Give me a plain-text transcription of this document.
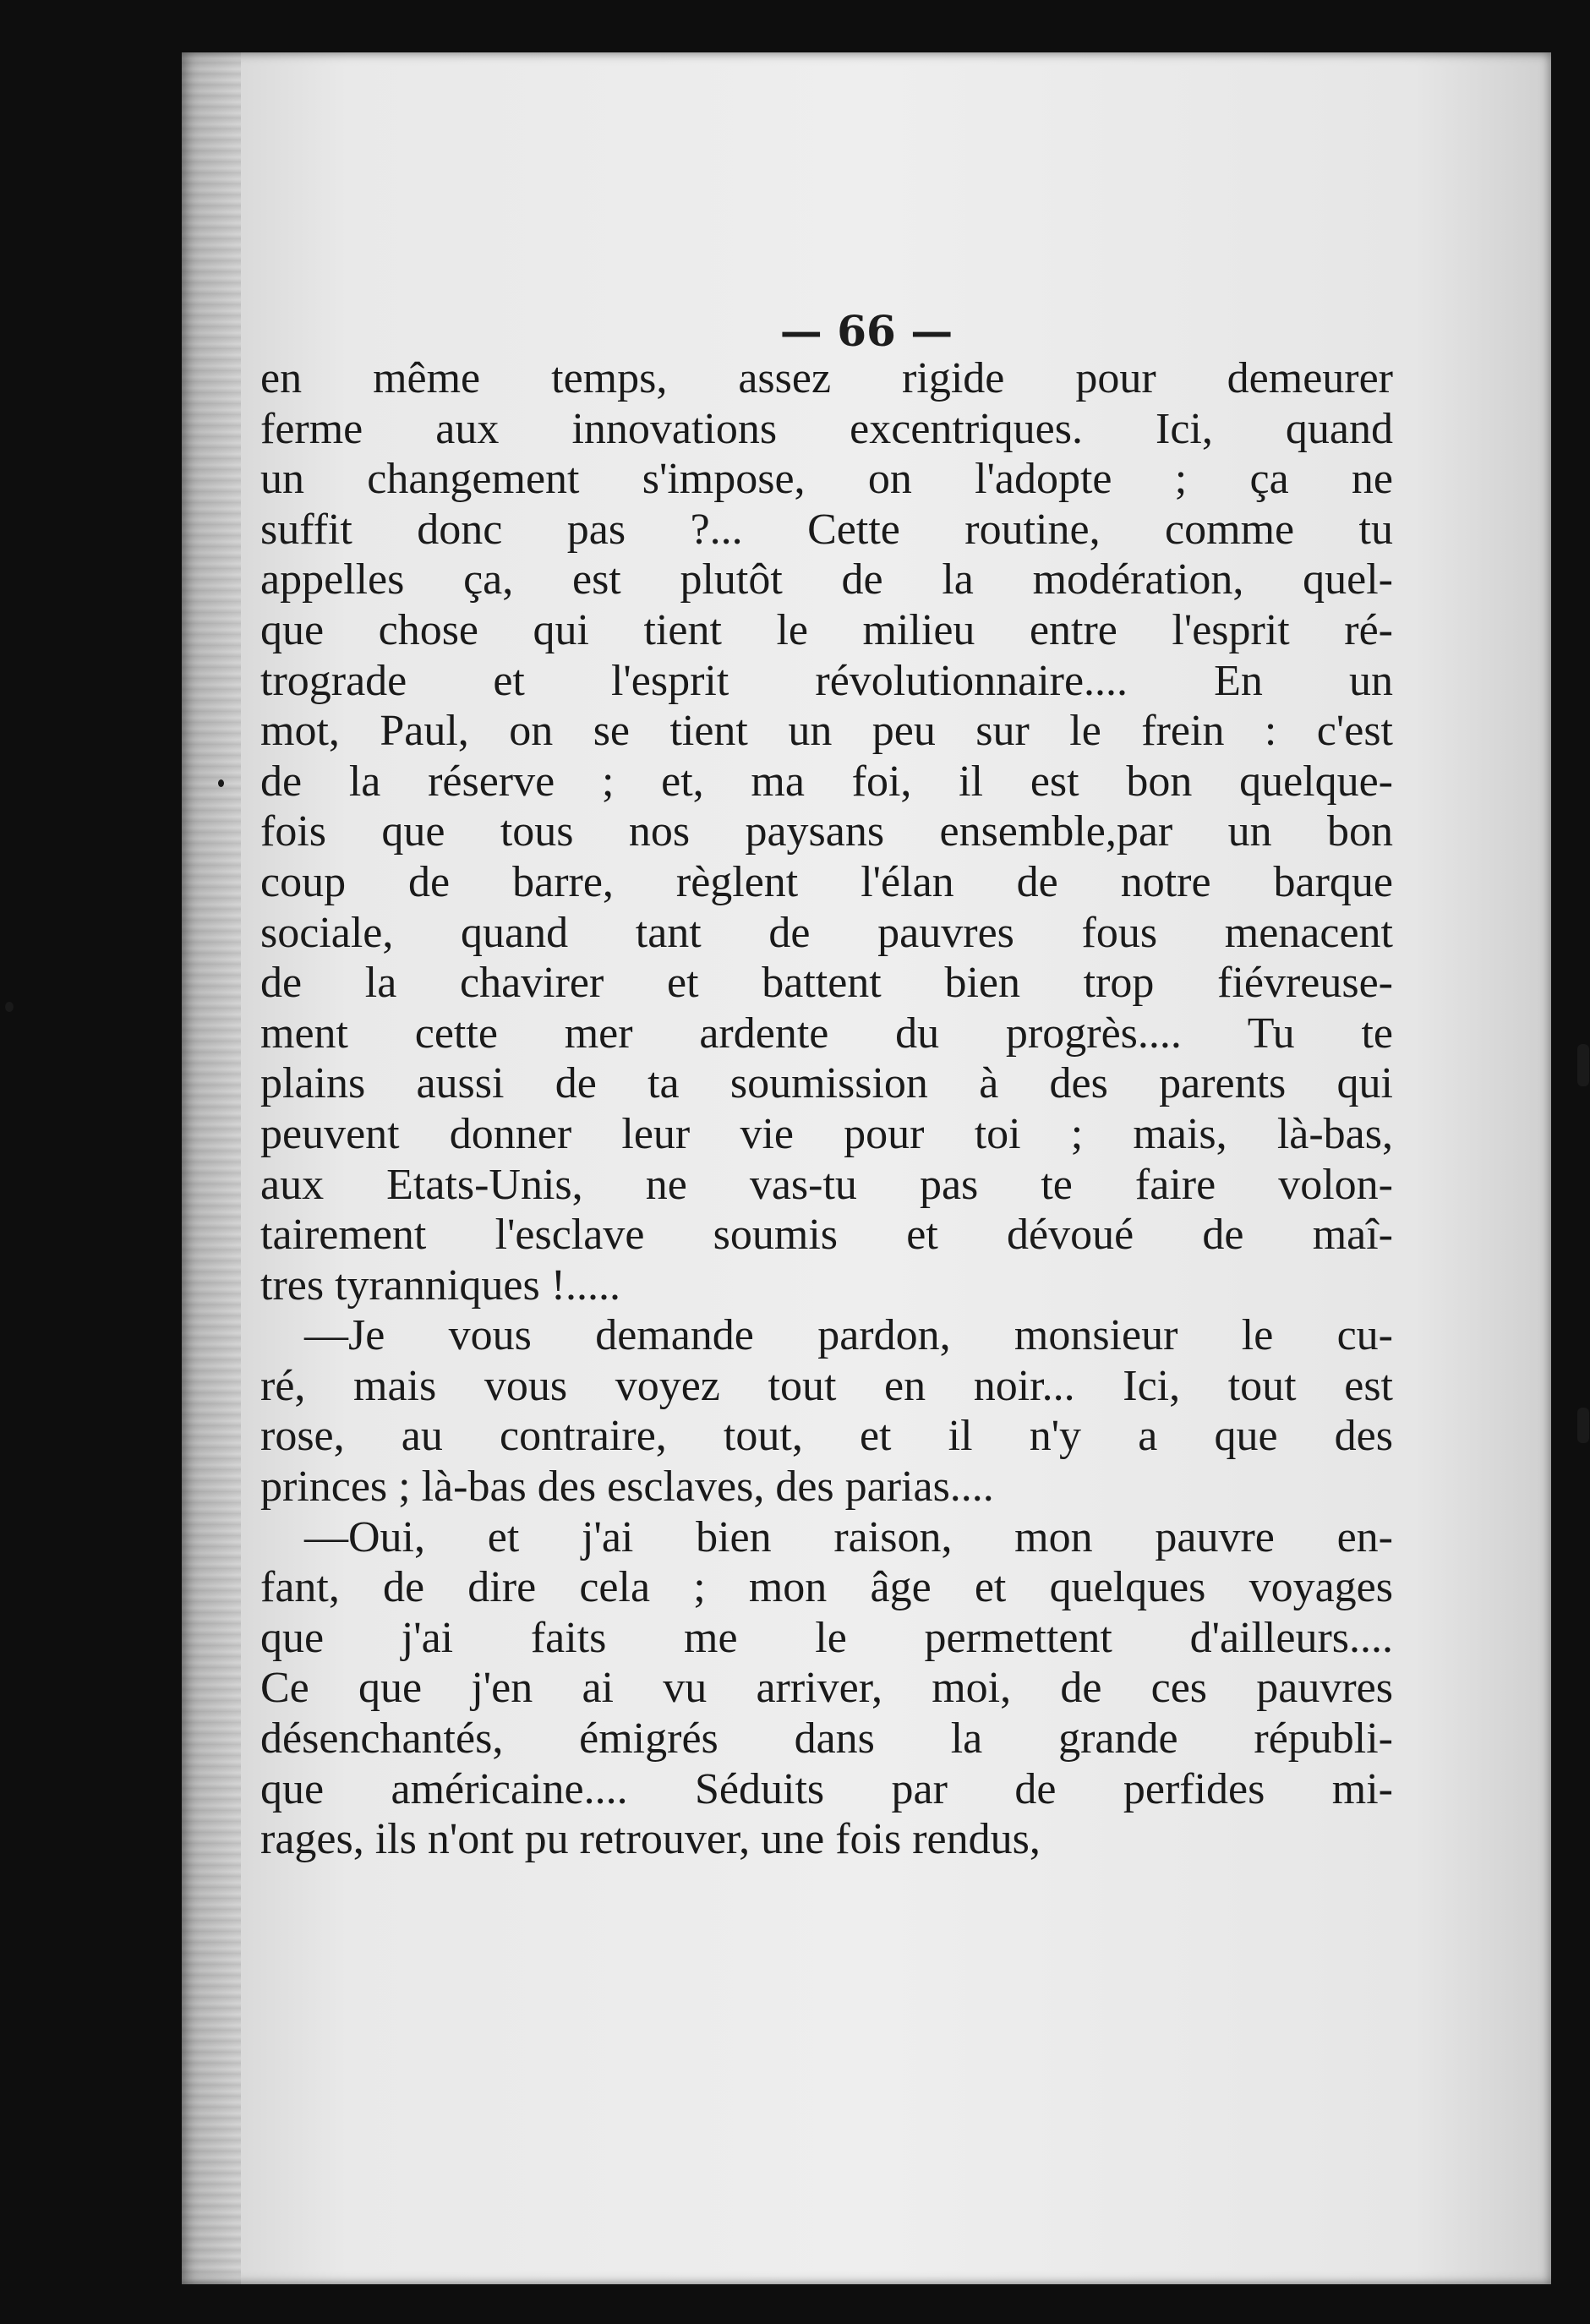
— 66 —

en même temps, assez rigide pour demeurer
ferme aux innovations excentriques. Ici, quand
un changement s'impose, on l'adopte ; ça ne
suffit donc pas ?... Cette routine, comme tu
appelles ça, est plutôt de la modération, quel-
que chose qui tient le milieu entre l'esprit ré-
trograde et l'esprit révolutionnaire.... En un
mot, Paul, on se tient un peu sur le frein : c'est
de la réserve ; et, ma foi, il est bon quelque-
fois que tous nos paysans ensemble,par un bon
coup de barre, règlent l'élan de notre barque
sociale, quand tant de pauvres fous menacent
de la chavirer et battent bien trop fiévreuse-
ment cette mer ardente du progrès.... Tu te
plains aussi de ta soumission à des parents qui
peuvent donner leur vie pour toi ; mais, là-bas,
aux Etats-Unis, ne vas-tu pas te faire volon-
tairement l'esclave soumis et dévoué de maî-
tres tyranniques !.....

—Je vous demande pardon, monsieur le cu-
ré, mais vous voyez tout en noir... Ici, tout est
rose, au contraire, tout, et il n'y a que des
princes ; là-bas des esclaves, des parias....

—Oui, et j'ai bien raison, mon pauvre en-
fant, de dire cela ; mon âge et quelques voyages
que j'ai faits me le permettent d'ailleurs....
Ce que j'en ai vu arriver, moi, de ces pauvres
désenchantés, émigrés dans la grande républi-
que américaine.... Séduits par de perfides mi-
rages, ils n'ont pu retrouver, une fois rendus,
